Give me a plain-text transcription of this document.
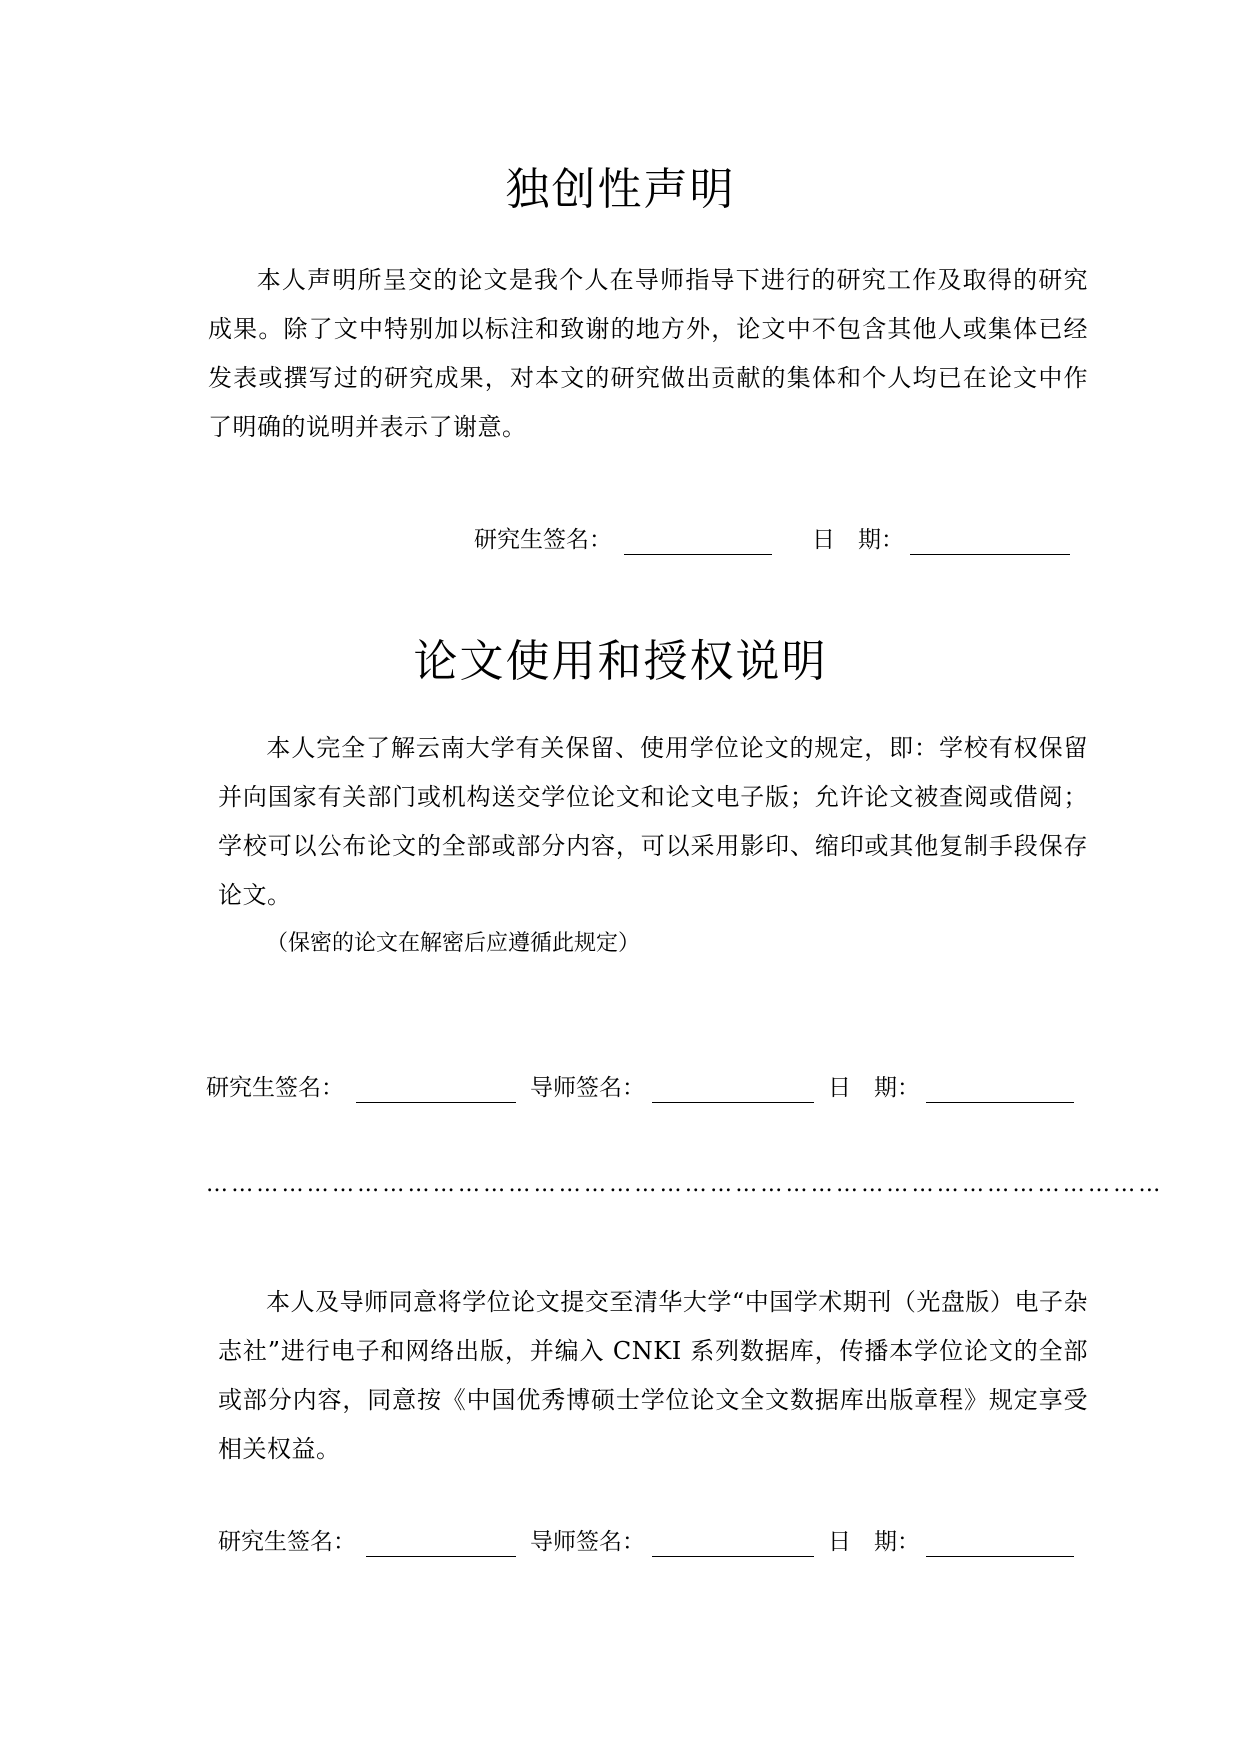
独创性声明
本人声明所呈交的论文是我个人在导师指导下进行的研究工作及取得的研究成果。除了文中特别加以标注和致谢的地方外，论文中不包含其他人或集体已经发表或撰写过的研究成果，对本文的研究做出贡献的集体和个人均已在论文中作了明确的说明并表示了谢意。
研究生签名：	日　期：
论文使用和授权说明
本人完全了解云南大学有关保留、使用学位论文的规定，即：学校有权保留并向国家有关部门或机构送交学位论文和论文电子版；允许论文被查阅或借阅；学校可以公布论文的全部或部分内容，可以采用影印、缩印或其他复制手段保存论文。
（保密的论文在解密后应遵循此规定）
研究生签名：	导师签名：	日　期：
……………………………………………………………………………………………………
本人及导师同意将学位论文提交至清华大学“中国学术期刊（光盘版）电子杂志社”进行电子和网络出版，并编入 CNKI 系列数据库，传播本学位论文的全部或部分内容，同意按《中国优秀博硕士学位论文全文数据库出版章程》规定享受相关权益。
研究生签名：	导师签名：	日　期：
